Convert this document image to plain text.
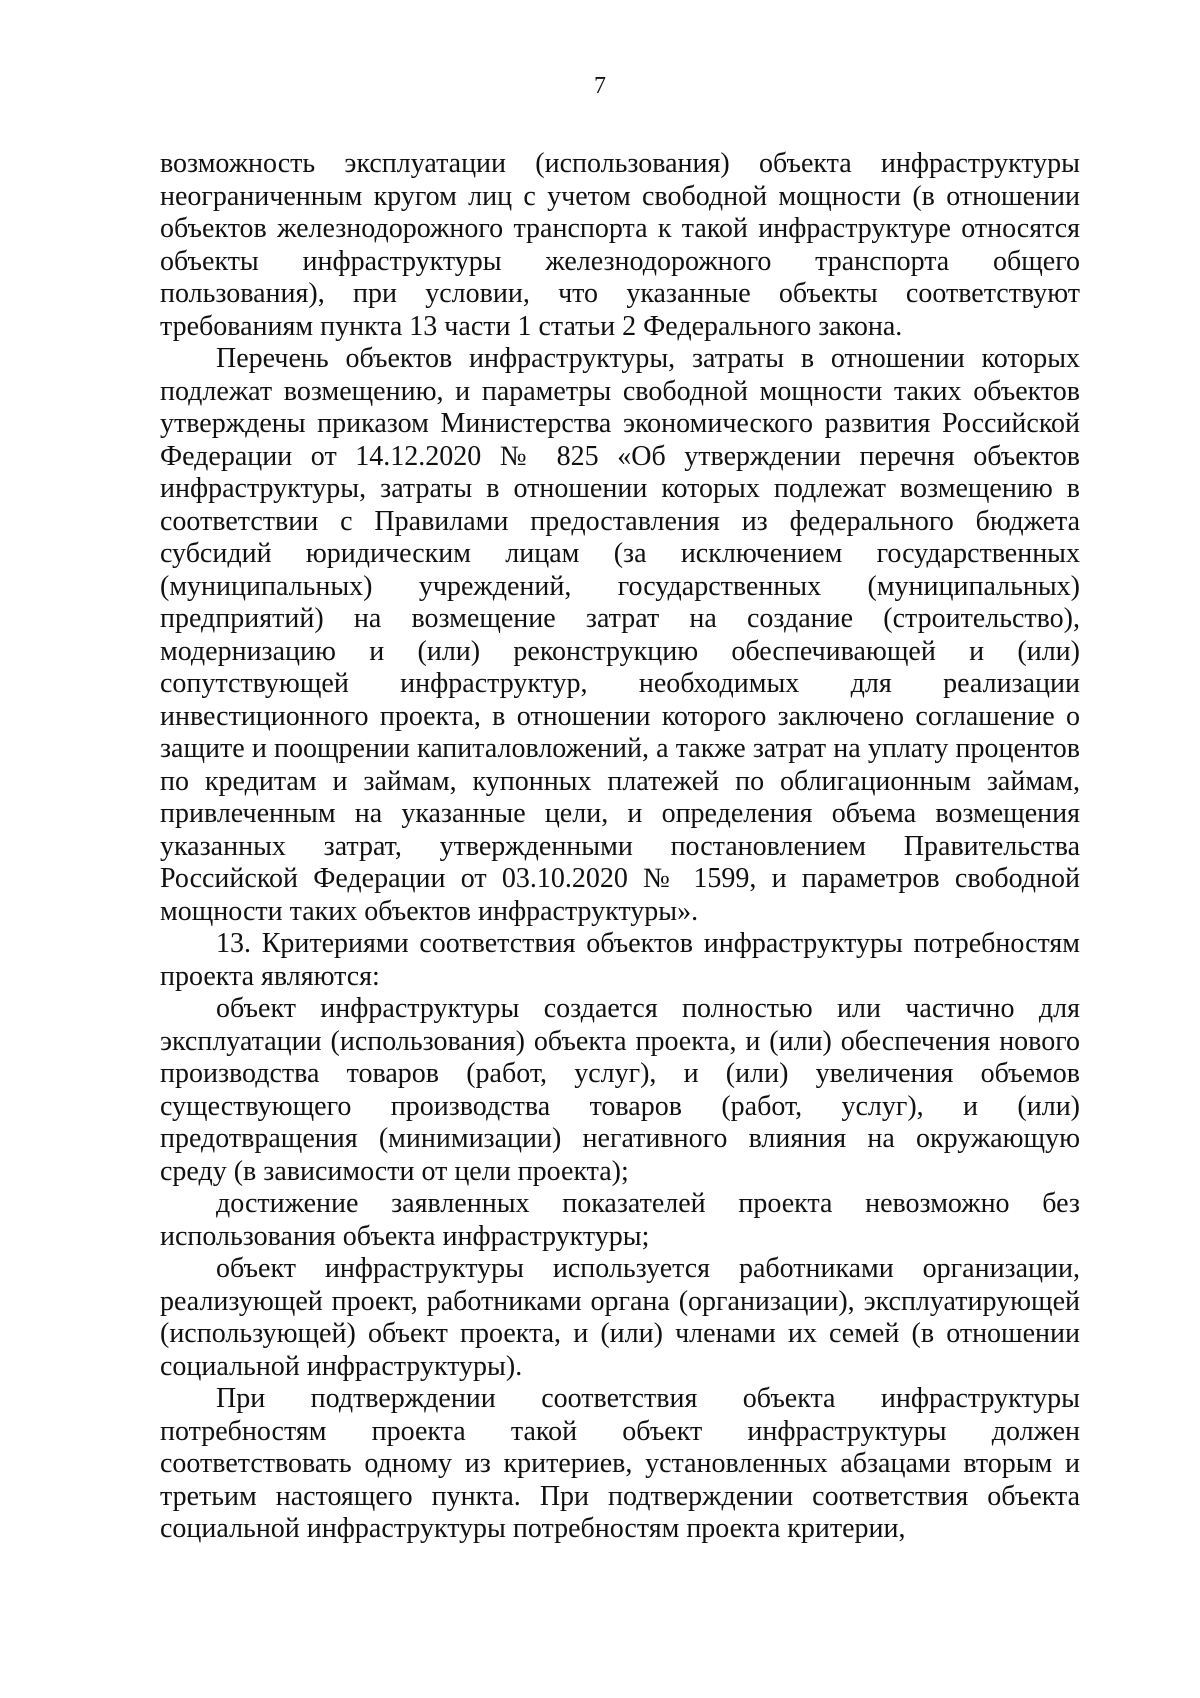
7

возможность эксплуатации (использования) объекта инфраструктуры неограниченным кругом лиц с учетом свободной мощности (в отношении объектов железнодорожного транспорта к такой инфраструктуре относятся объекты инфраструктуры железнодорожного транспорта общего пользования), при условии, что указанные объекты соответствуют требованиям пункта 13 части 1 статьи 2 Федерального закона.

Перечень объектов инфраструктуры, затраты в отношении которых подлежат возмещению, и параметры свободной мощности таких объектов утверждены приказом Министерства экономического развития Российской Федерации от 14.12.2020 № 825 «Об утверждении перечня объектов инфраструктуры, затраты в отношении которых подлежат возмещению в соответствии с Правилами предоставления из федерального бюджета субсидий юридическим лицам (за исключением государственных (муниципальных) учреждений, государственных (муниципальных) предприятий) на возмещение затрат на создание (строительство), модернизацию и (или) реконструкцию обеспечивающей и (или) сопутствующей инфраструктур, необходимых для реализации инвестиционного проекта, в отношении которого заключено соглашение о защите и поощрении капиталовложений, а также затрат на уплату процентов по кредитам и займам, купонных платежей по облигационным займам, привлеченным на указанные цели, и определения объема возмещения указанных затрат, утвержденными постановлением Правительства Российской Федерации от 03.10.2020 № 1599, и параметров свободной мощности таких объектов инфраструктуры».

13. Критериями соответствия объектов инфраструктуры потребностям проекта являются:

объект инфраструктуры создается полностью или частично для эксплуатации (использования) объекта проекта, и (или) обеспечения нового производства товаров (работ, услуг), и (или) увеличения объемов существующего производства товаров (работ, услуг), и (или) предотвращения (минимизации) негативного влияния на окружающую среду (в зависимости от цели проекта);

достижение заявленных показателей проекта невозможно без использования объекта инфраструктуры;

объект инфраструктуры используется работниками организации, реализующей проект, работниками органа (организации), эксплуатирующей (использующей) объект проекта, и (или) членами их семей (в отношении социальной инфраструктуры).

При подтверждении соответствия объекта инфраструктуры потребностям проекта такой объект инфраструктуры должен соответствовать одному из критериев, установленных абзацами вторым и третьим настоящего пункта. При подтверждении соответствия объекта социальной инфраструктуры потребностям проекта критерии,
